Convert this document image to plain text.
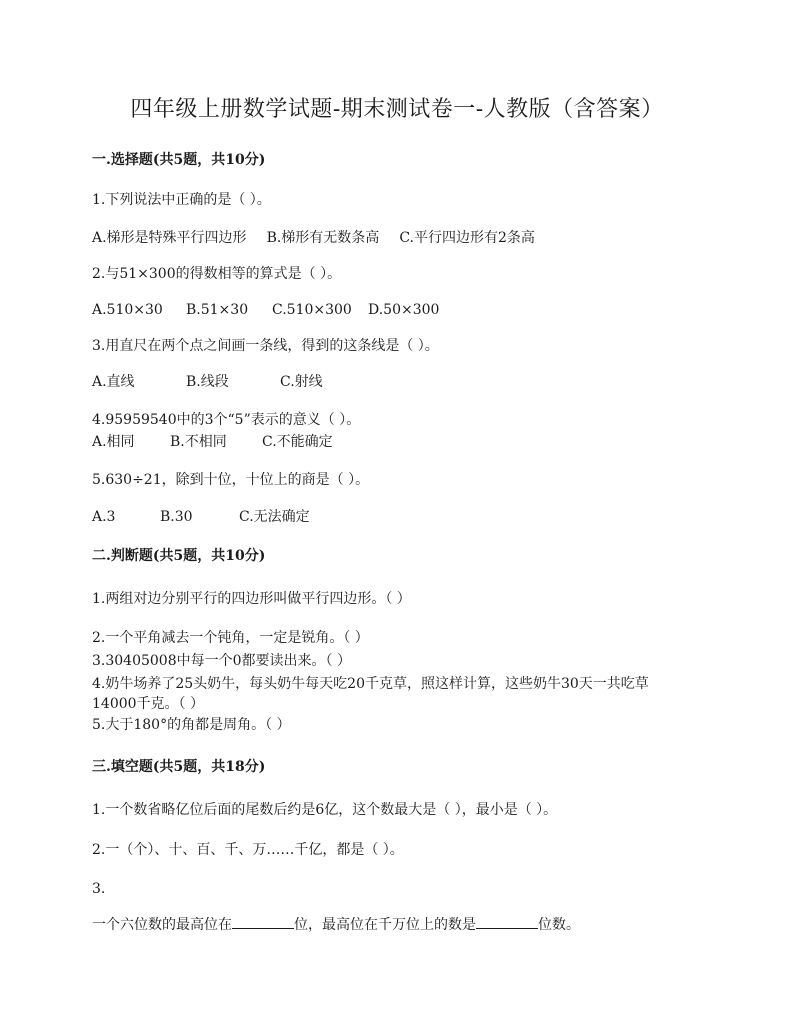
四年级上册数学试题-期末测试卷一-人教版（含答案）
一.选择题(共5题，共10分)
1.下列说法中正确的是（ ）。
A.梯形是特殊平行四边形 B.梯形有无数条高 C.平行四边形有2条高
2.与51×300的得数相等的算式是（ ）。
A.510×30 B.51×30 C.510×300 D.50×300
3.用直尺在两个点之间画一条线，得到的这条线是（ ）。
A.直线	B.线段	C.射线
4.95959540中的3个“5”表示的意义（ ）。
A.相同	B.不相同	C.不能确定
5.630÷21，除到十位，十位上的商是（ ）。
A.3	B.30	C.无法确定
二.判断题(共5题，共10分)
1.两组对边分别平行的四边形叫做平行四边形。（ ）
2.一个平角减去一个钝角，一定是锐角。（ ）
3.30405008中每一个0都要读出来。（ ）
4.奶牛场养了25头奶牛，每头奶牛每天吃20千克草，照这样计算，这些奶牛30天一共吃草
14000千克。（ ）
5.大于180°的角都是周角。（ ）
三.填空题(共5题，共18分)
1.一个数省略亿位后面的尾数后约是6亿，这个数最大是（ ），最小是（ ）。
2.一（个）、十、百、千、万……千亿，都是（ ）。
3.
一个六位数的最高位在	位，最高位在千万位上的数是	位数。
